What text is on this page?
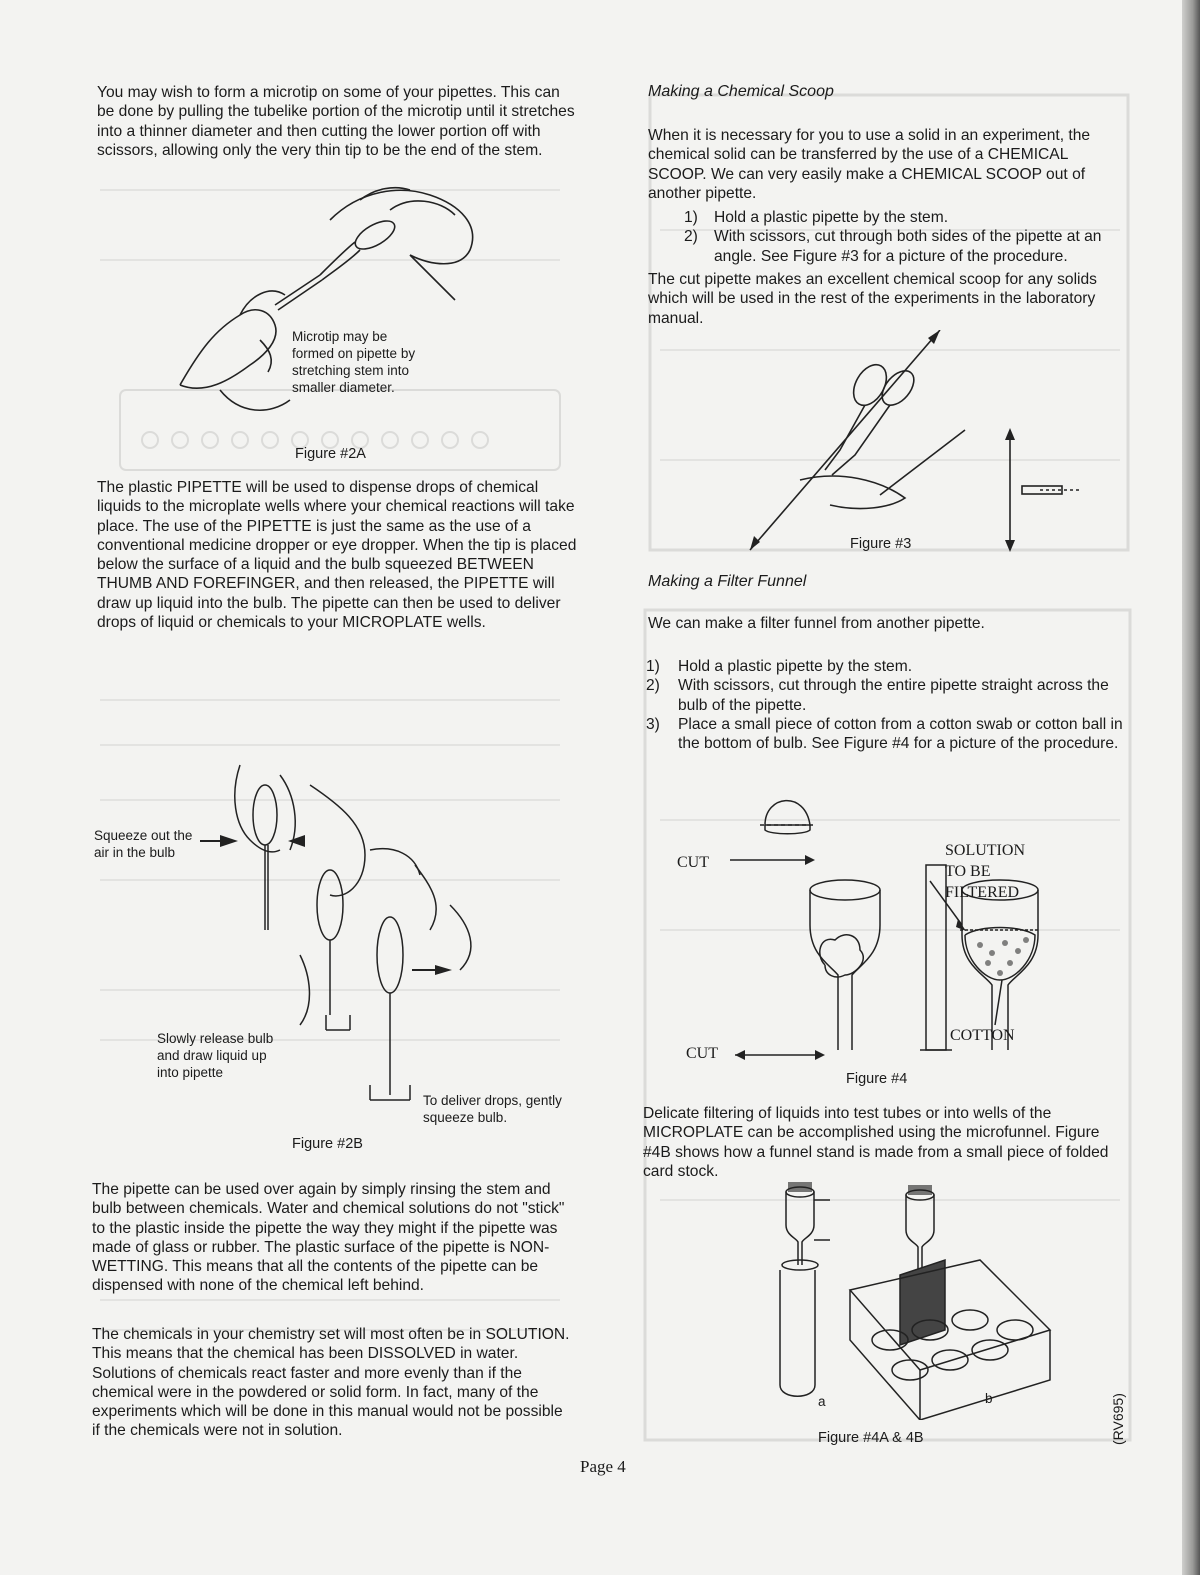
You may wish to form a microtip on some of your pipettes. This can be done by pulling the tubelike portion of the microtip until it stretches into a thinner diameter and then cutting the lower portion off with scissors, allowing only the very thin tip to be the end of the stem.

Microtip may be formed on pipette by stretching stem into smaller diameter.
Figure #2A

The plastic PIPETTE will be used to dispense drops of chemical liquids to the microplate wells where your chemical reactions will take place. The use of the PIPETTE is just the same as the use of a conventional medicine dropper or eye dropper. When the tip is placed below the surface of a liquid and the bulb squeezed BETWEEN THUMB AND FOREFINGER, and then released, the PIPETTE will draw up liquid into the bulb. The pipette can then be used to deliver drops of liquid or chemicals to your MICROPLATE wells.

Squeeze out the air in the bulb
Slowly release bulb and draw liquid up into pipette
To deliver drops, gently squeeze bulb.
Figure #2B

The pipette can be used over again by simply rinsing the stem and bulb between chemicals. Water and chemical solutions do not "stick" to the plastic inside the pipette the way they might if the pipette was made of glass or rubber. The plastic surface of the pipette is NON-WETTING. This means that all the contents of the pipette can be dispensed with none of the chemical left behind.

The chemicals in your chemistry set will most often be in SOLUTION. This means that the chemical has been DISSOLVED in water. Solutions of chemicals react faster and more evenly than if the chemical were in the powdered or solid form. In fact, many of the experiments which will be done in this manual would not be possible if the chemicals were not in solution.

Making a Chemical Scoop

When it is necessary for you to use a solid in an experiment, the chemical solid can be transferred by the use of a CHEMICAL SCOOP. We can very easily make a CHEMICAL SCOOP out of another pipette.

1) Hold a plastic pipette by the stem.
2) With scissors, cut through both sides of the pipette at an angle. See Figure #3 for a picture of the procedure.

The cut pipette makes an excellent chemical scoop for any solids which will be used in the rest of the experiments in the laboratory manual.

Figure #3
Making a Filter Funnel

We can make a filter funnel from another pipette.

1) Hold a plastic pipette by the stem.
2) With scissors, cut through the entire pipette straight across the bulb of the pipette.
3) Place a small piece of cotton from a cotton swab or cotton ball in the bottom of bulb. See Figure #4 for a picture of the procedure.
CUT
CUT
SOLUTION
TO BE
FILTERED
COTTON
Figure #4

Delicate filtering of liquids into test tubes or into wells of the MICROPLATE can be accomplished using the microfunnel. Figure #4B shows how a funnel stand is made from a small piece of folded card stock.

a	b
Figure #4A & 4B
Page 4
(RV695)
